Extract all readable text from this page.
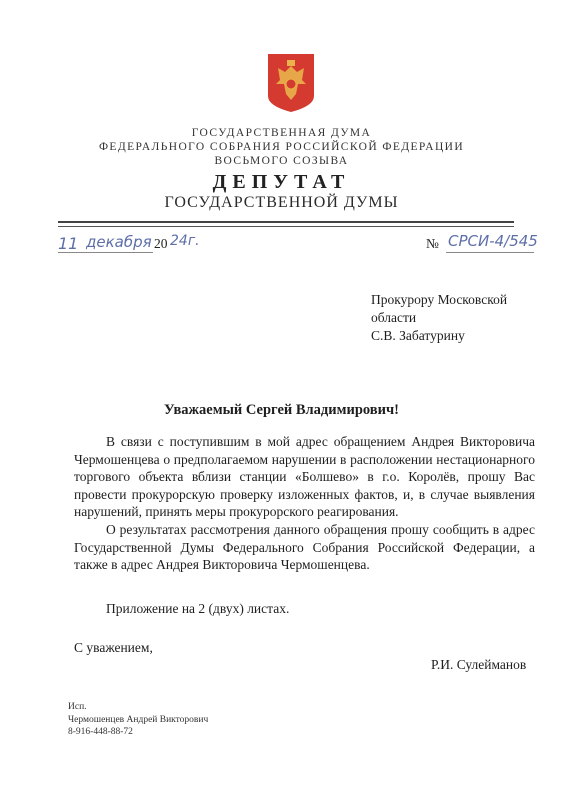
ГОСУДАРСТВЕННАЯ ДУМА
ФЕДЕРАЛЬНОГО СОБРАНИЯ РОССИЙСКОЙ ФЕДЕРАЦИИ
ВОСЬМОГО СОЗЫВА
ДЕПУТАТ
ГОСУДАРСТВЕННОЙ ДУМЫ
11 декабря 20 24г.	№ СРСИ-4/545
Прокурору Московской
области
С.В. Забатурину
Уважаемый Сергей Владимирович!

В связи с поступившим в мой адрес обращением Андрея Викторовича Чермошенцева о предполагаемом нарушении в расположении нестационарного торгового объекта вблизи станции «Болшево» в г.о. Королёв, прошу Вас провести прокурорскую проверку изложенных фактов, и, в случае выявления нарушений, принять меры прокурорского реагирования.

О результатах рассмотрения данного обращения прошу сообщить в адрес Государственной Думы Федерального Собрания Российской Федерации, а также в адрес Андрея Викторовича Чермошенцева.

Приложение на 2 (двух) листах.
С уважением,
Р.И. Сулейманов
Исп.
Чермошенцев Андрей Викторович
8-916-448-88-72
